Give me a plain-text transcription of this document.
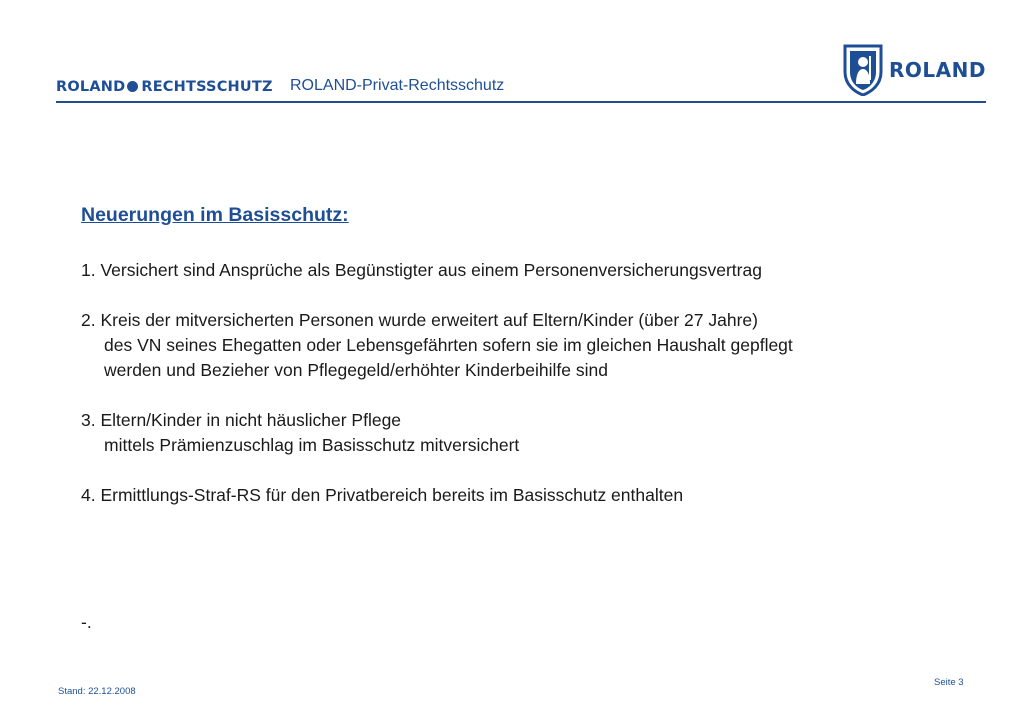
ROLAND RECHTSSCHUTZ ROLAND-Privat-Rechtsschutz
ROLAND

Neuerungen im Basisschutz:

1. Versichert sind Ansprüche als Begünstigter aus einem Personenversicherungsvertrag

2. Kreis der mitversicherten Personen wurde erweitert auf Eltern/Kinder (über 27 Jahre)
des VN seines Ehegatten oder Lebensgefährten sofern sie im gleichen Haushalt gepflegt
werden und Bezieher von Pflegegeld/erhöhter Kinderbeihilfe sind

3. Eltern/Kinder in nicht häuslicher Pflege
mittels Prämienzuschlag im Basisschutz mitversichert

4. Ermittlungs-Straf-RS für den Privatbereich bereits im Basisschutz enthalten

-.
Stand: 22.12.2008
Seite 3
